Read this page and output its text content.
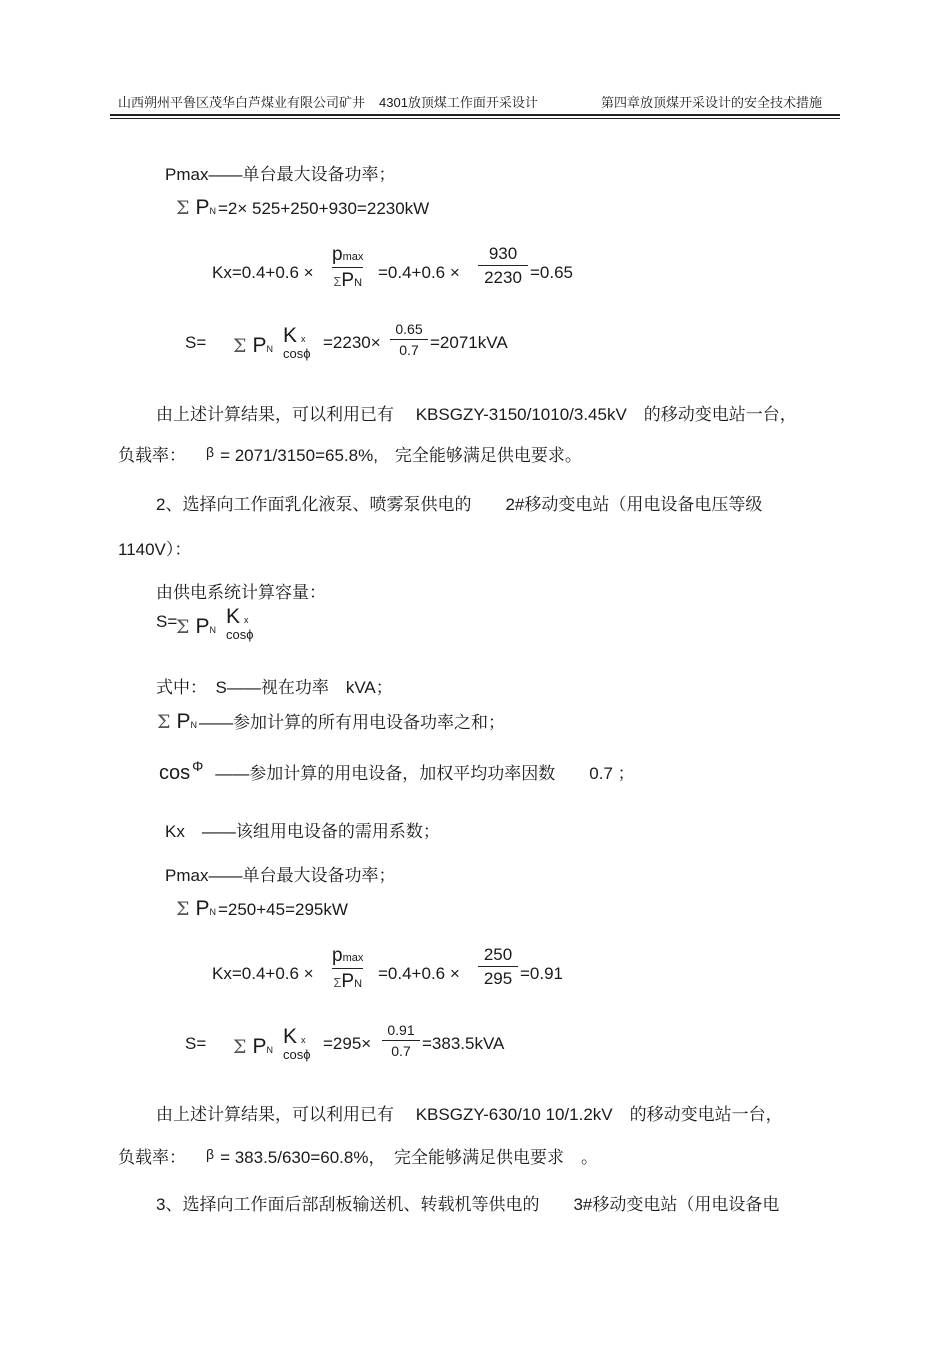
山西朔州平鲁区茂华白芦煤业有限公司矿井 4301放顶煤工作面开采设计	第四章放顶煤开采设计的安全技术措施
Pmax——单台最大设备功率；
Σ PN =2× 525+250+930=2230kW
Kx=0.4+0.6 ×
pmax
ΣPN
=0.4+0.6 ×
930
2230 =0.65
S= Σ PN
Kx
cosϕ
=2230×
0.65
0.7 =2071kVA
由上述计算结果，可以利用已有　 KBSGZY-3150/1010/3.45kV　的移动变电站一台，
负载率： $^\beta$ = 2071/3150=65.8%,　完全能够满足供电要求。
2、选择向工作面乳化液泵、喷雾泵供电的　　2#移动变电站（用电设备电压等级
1140V）：
由供电系统计算容量：
S=
Σ PN
Kx
cosϕ
式中：　S——视在功率　kVA；
Σ PN ——参加计算的所有用电设备功率之和；
cos Φ ——参加计算的用电设备，加权平均功率因数　　0.7 ；
Kx　——该组用电设备的需用系数；
Pmax——单台最大设备功率；
Σ PN =250+45=295kW
Kx=0.4+0.6 ×
pmax
ΣPN
=0.4+0.6 ×
250
295 =0.91
S= Σ PN
Kx
cosϕ
=295×
0.91
0.7 =383.5kVA
由上述计算结果，可以利用已有　 KBSGZY-630/10 10/1.2kV　的移动变电站一台，
负载率： $^\beta$ = 383.5/630=60.8%，　完全能够满足供电要求　。
3、选择向工作面后部刮板输送机、转载机等供电的　　3#移动变电站（用电设备电
